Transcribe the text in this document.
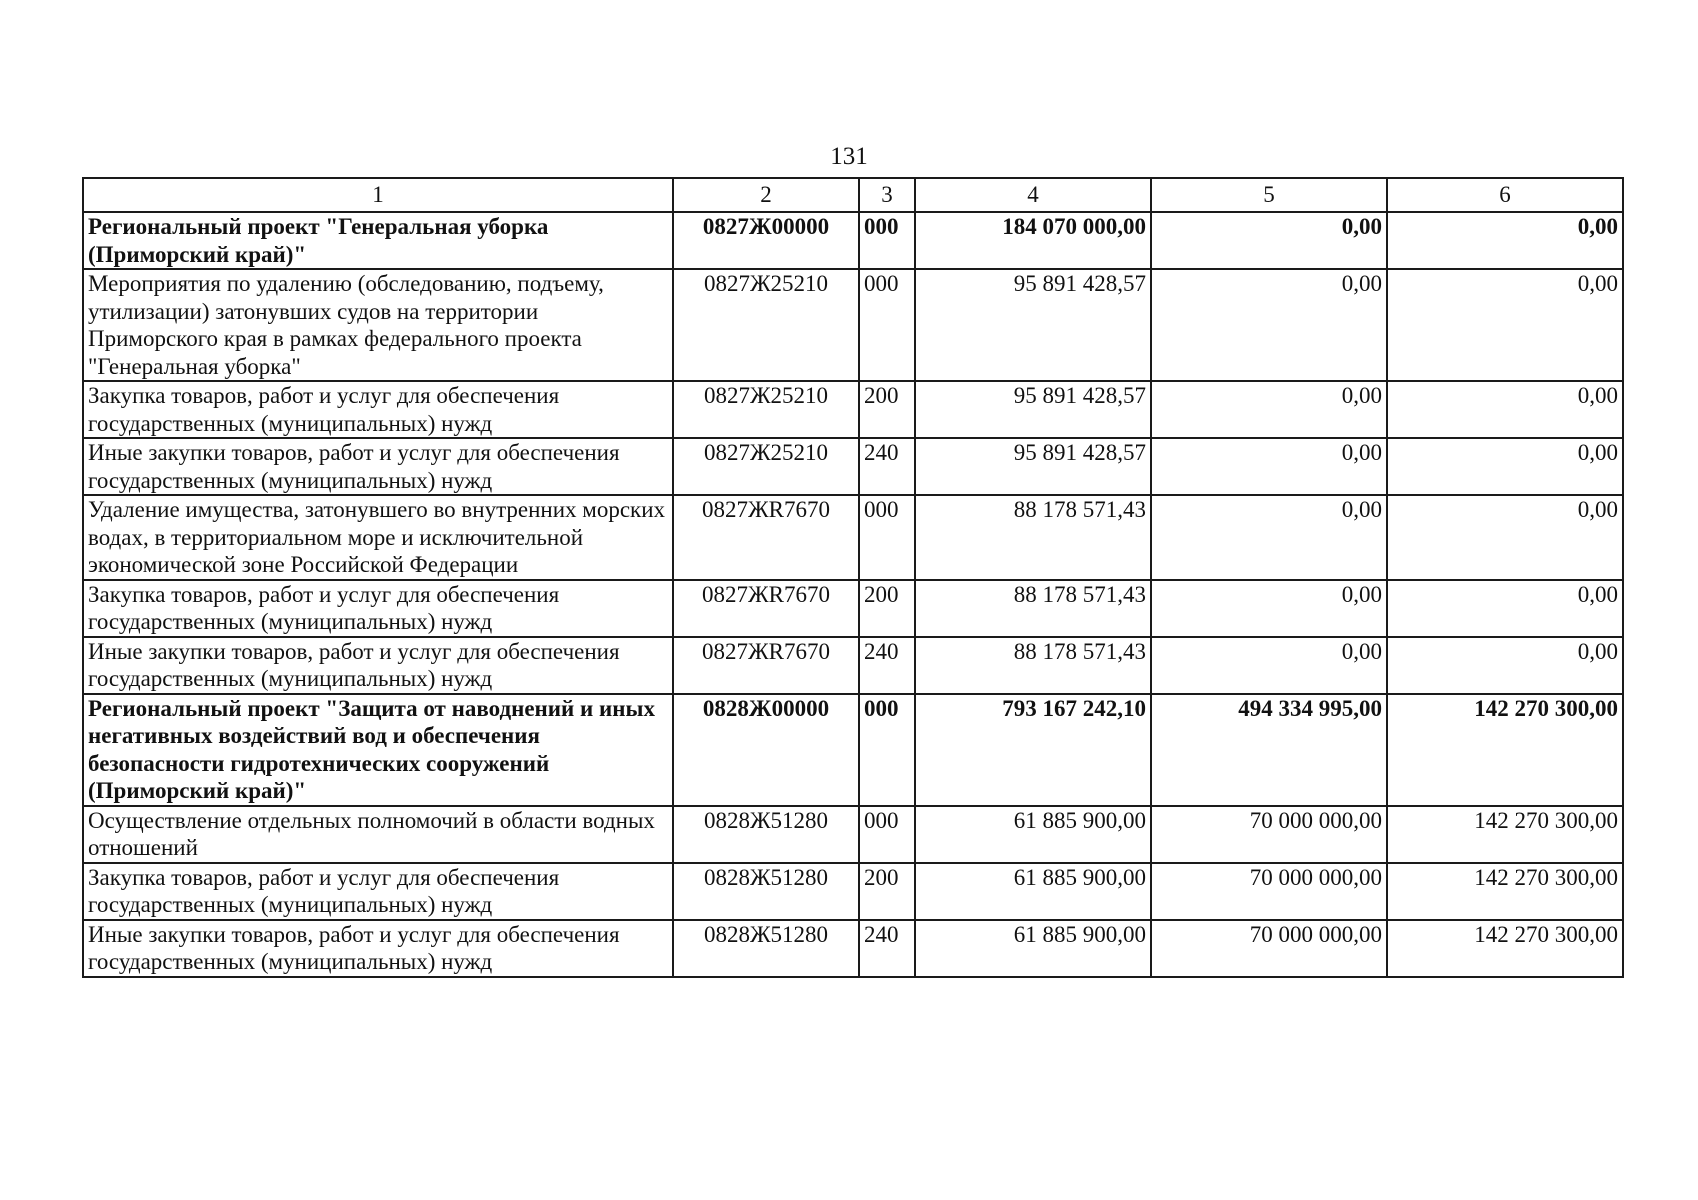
131
1	2	3	4	5	6
Региональный проект "Генеральная уборка (Приморский край)"	0827Ж00000	000	184 070 000,00	0,00	0,00
Мероприятия по удалению (обследованию, подъему, утилизации) затонувших судов на территории Приморского края в рамках федерального проекта "Генеральная уборка"	0827Ж25210	000	95 891 428,57	0,00	0,00
Закупка товаров, работ и услуг для обеспечения государственных (муниципальных) нужд	0827Ж25210	200	95 891 428,57	0,00	0,00
Иные закупки товаров, работ и услуг для обеспечения государственных (муниципальных) нужд	0827Ж25210	240	95 891 428,57	0,00	0,00
Удаление имущества, затонувшего во внутренних морских водах, в территориальном море и исключительной экономической зоне Российской Федерации	0827ЖR7670	000	88 178 571,43	0,00	0,00
Закупка товаров, работ и услуг для обеспечения государственных (муниципальных) нужд	0827ЖR7670	200	88 178 571,43	0,00	0,00
Иные закупки товаров, работ и услуг для обеспечения государственных (муниципальных) нужд	0827ЖR7670	240	88 178 571,43	0,00	0,00
Региональный проект "Защита от наводнений и иных негативных воздействий вод и обеспечения безопасности гидротехнических сооружений (Приморский край)"	0828Ж00000	000	793 167 242,10	494 334 995,00	142 270 300,00
Осуществление отдельных полномочий в области водных отношений	0828Ж51280	000	61 885 900,00	70 000 000,00	142 270 300,00
Закупка товаров, работ и услуг для обеспечения государственных (муниципальных) нужд	0828Ж51280	200	61 885 900,00	70 000 000,00	142 270 300,00
Иные закупки товаров, работ и услуг для обеспечения государственных (муниципальных) нужд	0828Ж51280	240	61 885 900,00	70 000 000,00	142 270 300,00
